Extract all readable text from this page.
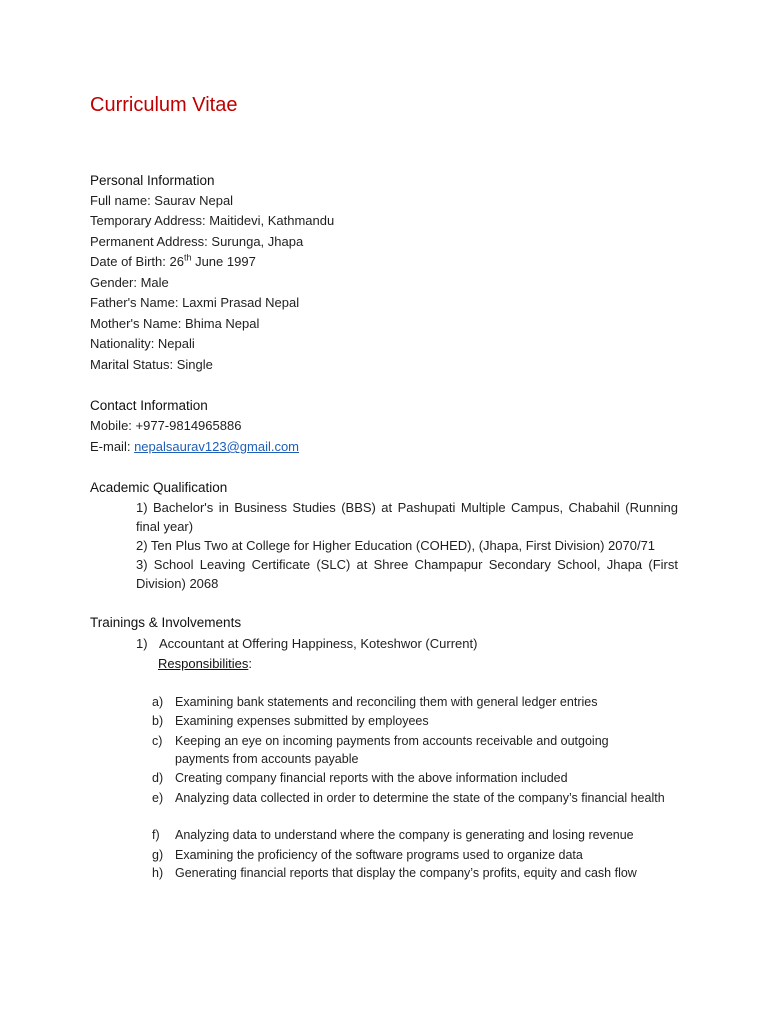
Curriculum Vitae
Personal Information
Full name: Saurav Nepal
Temporary Address: Maitidevi, Kathmandu
Permanent Address: Surunga, Jhapa
Date of Birth: 26th June 1997
Gender: Male
Father's Name: Laxmi Prasad Nepal
Mother's Name: Bhima Nepal
Nationality: Nepali
Marital Status: Single
Contact Information
Mobile: +977-9814965886
E-mail: nepalsaurav123@gmail.com
Academic Qualification
1) Bachelor's in Business Studies (BBS) at Pashupati Multiple Campus, Chabahil (Running final year)
2) Ten Plus Two at College for Higher Education (COHED), (Jhapa, First Division) 2070/71
3) School Leaving Certificate (SLC) at Shree Champapur Secondary School, Jhapa (First Division) 2068
Trainings & Involvements
1) Accountant at Offering Happiness, Koteshwor (Current)
Responsibilities:
a) Examining bank statements and reconciling them with general ledger entries
b) Examining expenses submitted by employees
c)	Keeping an eye on incoming payments from accounts receivable and outgoing payments from accounts payable
d) Creating company financial reports with the above information included
e) Analyzing data collected in order to determine the state of the company’s financial health
f)	Analyzing data to understand where the company is generating and losing revenue
g) Examining the proficiency of the software programs used to organize data
h) Generating financial reports that display the company’s profits, equity and cash flow
